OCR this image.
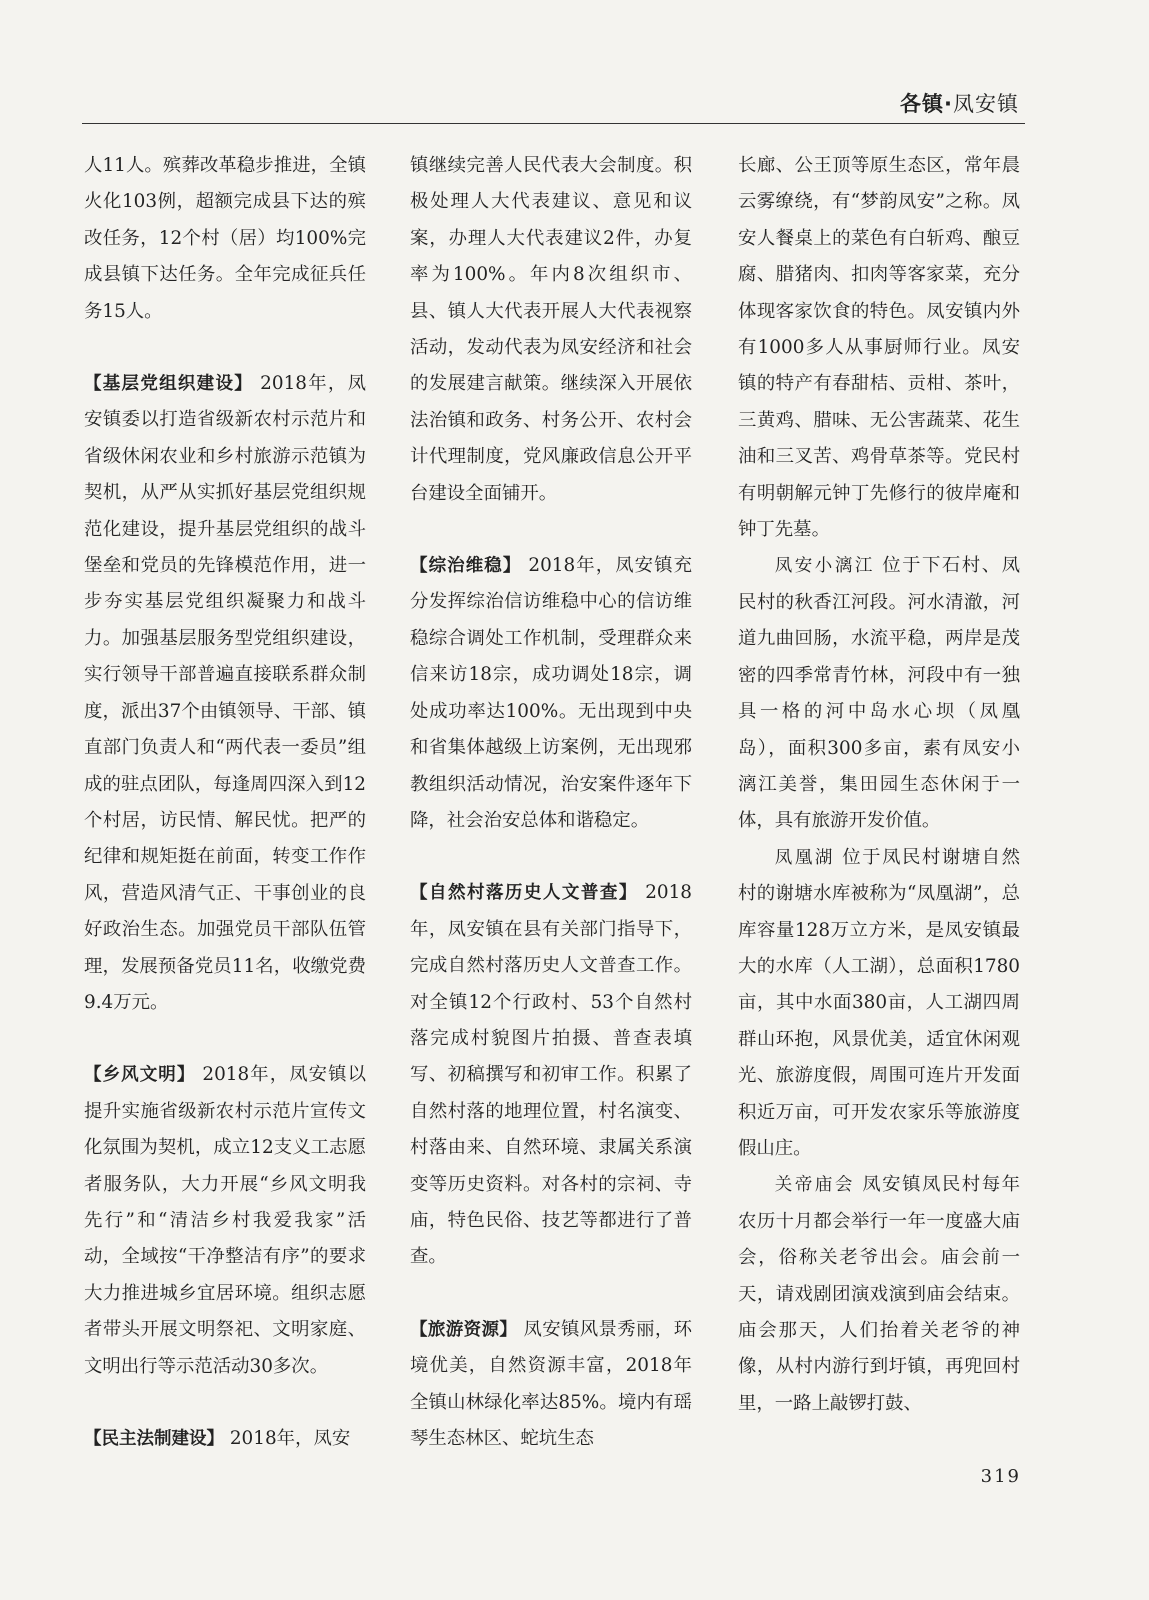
各镇·凤安镇

人11人。殡葬改革稳步推进，全镇火化103例，超额完成县下达的殡改任务，12个村（居）均100%完成县镇下达任务。全年完成征兵任务15人。

【基层党组织建设】 2018年，凤安镇委以打造省级新农村示范片和省级休闲农业和乡村旅游示范镇为契机，从严从实抓好基层党组织规范化建设，提升基层党组织的战斗堡垒和党员的先锋模范作用，进一步夯实基层党组织凝聚力和战斗力。加强基层服务型党组织建设，实行领导干部普遍直接联系群众制度，派出37个由镇领导、干部、镇直部门负责人和“两代表一委员”组成的驻点团队，每逢周四深入到12个村居，访民情、解民忧。把严的纪律和规矩挺在前面，转变工作作风，营造风清气正、干事创业的良好政治生态。加强党员干部队伍管理，发展预备党员11名，收缴党费9.4万元。

【乡风文明】 2018年，凤安镇以提升实施省级新农村示范片宣传文化氛围为契机，成立12支义工志愿者服务队，大力开展“乡风文明我先行”和“清洁乡村我爱我家”活动，全域按“干净整洁有序”的要求大力推进城乡宜居环境。组织志愿者带头开展文明祭祀、文明家庭、文明出行等示范活动30多次。

【民主法制建设】 2018年，凤安

镇继续完善人民代表大会制度。积极处理人大代表建议、意见和议案，办理人大代表建议2件，办复率为100%。年内8次组织市、县、镇人大代表开展人大代表视察活动，发动代表为凤安经济和社会的发展建言献策。继续深入开展依法治镇和政务、村务公开、农村会计代理制度，党风廉政信息公开平台建设全面铺开。

【综治维稳】 2018年，凤安镇充分发挥综治信访维稳中心的信访维稳综合调处工作机制，受理群众来信来访18宗，成功调处18宗，调处成功率达100%。无出现到中央和省集体越级上访案例，无出现邪教组织活动情况，治安案件逐年下降，社会治安总体和谐稳定。

【自然村落历史人文普查】 2018年，凤安镇在县有关部门指导下，完成自然村落历史人文普查工作。对全镇12个行政村、53个自然村落完成村貌图片拍摄、普查表填写、初稿撰写和初审工作。积累了自然村落的地理位置，村名演变、村落由来、自然环境、隶属关系演变等历史资料。对各村的宗祠、寺庙，特色民俗、技艺等都进行了普查。

【旅游资源】 凤安镇风景秀丽，环境优美，自然资源丰富，2018年全镇山林绿化率达85%。境内有瑶琴生态林区、蛇坑生态

长廊、公王顶等原生态区，常年晨云雾缭绕，有“梦韵凤安”之称。凤安人餐桌上的菜色有白斩鸡、酿豆腐、腊猪肉、扣肉等客家菜，充分体现客家饮食的特色。凤安镇内外有1000多人从事厨师行业。凤安镇的特产有春甜桔、贡柑、茶叶，三黄鸡、腊味、无公害蔬菜、花生油和三叉苦、鸡骨草茶等。党民村有明朝解元钟丁先修行的彼岸庵和钟丁先墓。

凤安小漓江 位于下石村、凤民村的秋香江河段。河水清澈，河道九曲回肠，水流平稳，两岸是茂密的四季常青竹林，河段中有一独具一格的河中岛水心坝（凤凰岛），面积300多亩，素有凤安小漓江美誉，集田园生态休闲于一体，具有旅游开发价值。

凤凰湖 位于凤民村谢塘自然村的谢塘水库被称为“凤凰湖”，总库容量128万立方米，是凤安镇最大的水库（人工湖），总面积1780亩，其中水面380亩，人工湖四周群山环抱，风景优美，适宜休闲观光、旅游度假，周围可连片开发面积近万亩，可开发农家乐等旅游度假山庄。

关帝庙会 凤安镇凤民村每年农历十月都会举行一年一度盛大庙会，俗称关老爷出会。庙会前一天，请戏剧团演戏演到庙会结束。庙会那天，人们抬着关老爷的神像，从村内游行到圩镇，再兜回村里，一路上敲锣打鼓、

319
